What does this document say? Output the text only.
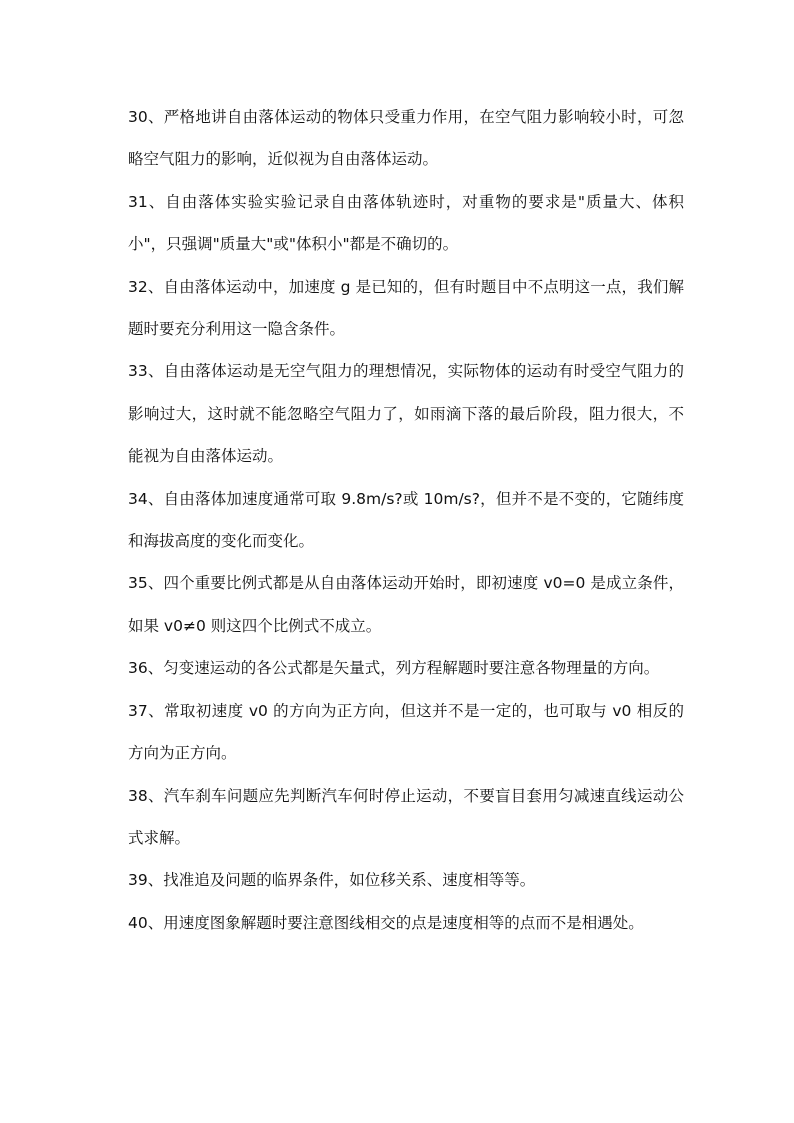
30、严格地讲自由落体运动的物体只受重力作用，在空气阻力影响较小时，可忽略空气阻力的影响，近似视为自由落体运动。

31、自由落体实验实验记录自由落体轨迹时，对重物的要求是"质量大、体积小"，只强调"质量大"或"体积小"都是不确切的。

32、自由落体运动中，加速度 g 是已知的，但有时题目中不点明这一点，我们解题时要充分利用这一隐含条件。

33、自由落体运动是无空气阻力的理想情况，实际物体的运动有时受空气阻力的影响过大，这时就不能忽略空气阻力了，如雨滴下落的最后阶段，阻力很大，不能视为自由落体运动。

34、自由落体加速度通常可取 9.8m/s?或 10m/s?，但并不是不变的，它随纬度和海拔高度的变化而变化。

35、四个重要比例式都是从自由落体运动开始时，即初速度 v0=0 是成立条件，如果 v0≠0 则这四个比例式不成立。

36、匀变速运动的各公式都是矢量式，列方程解题时要注意各物理量的方向。

37、常取初速度 v0 的方向为正方向，但这并不是一定的，也可取与 v0 相反的方向为正方向。

38、汽车刹车问题应先判断汽车何时停止运动，不要盲目套用匀减速直线运动公式求解。

39、找准追及问题的临界条件，如位移关系、速度相等等。

40、用速度图象解题时要注意图线相交的点是速度相等的点而不是相遇处。
